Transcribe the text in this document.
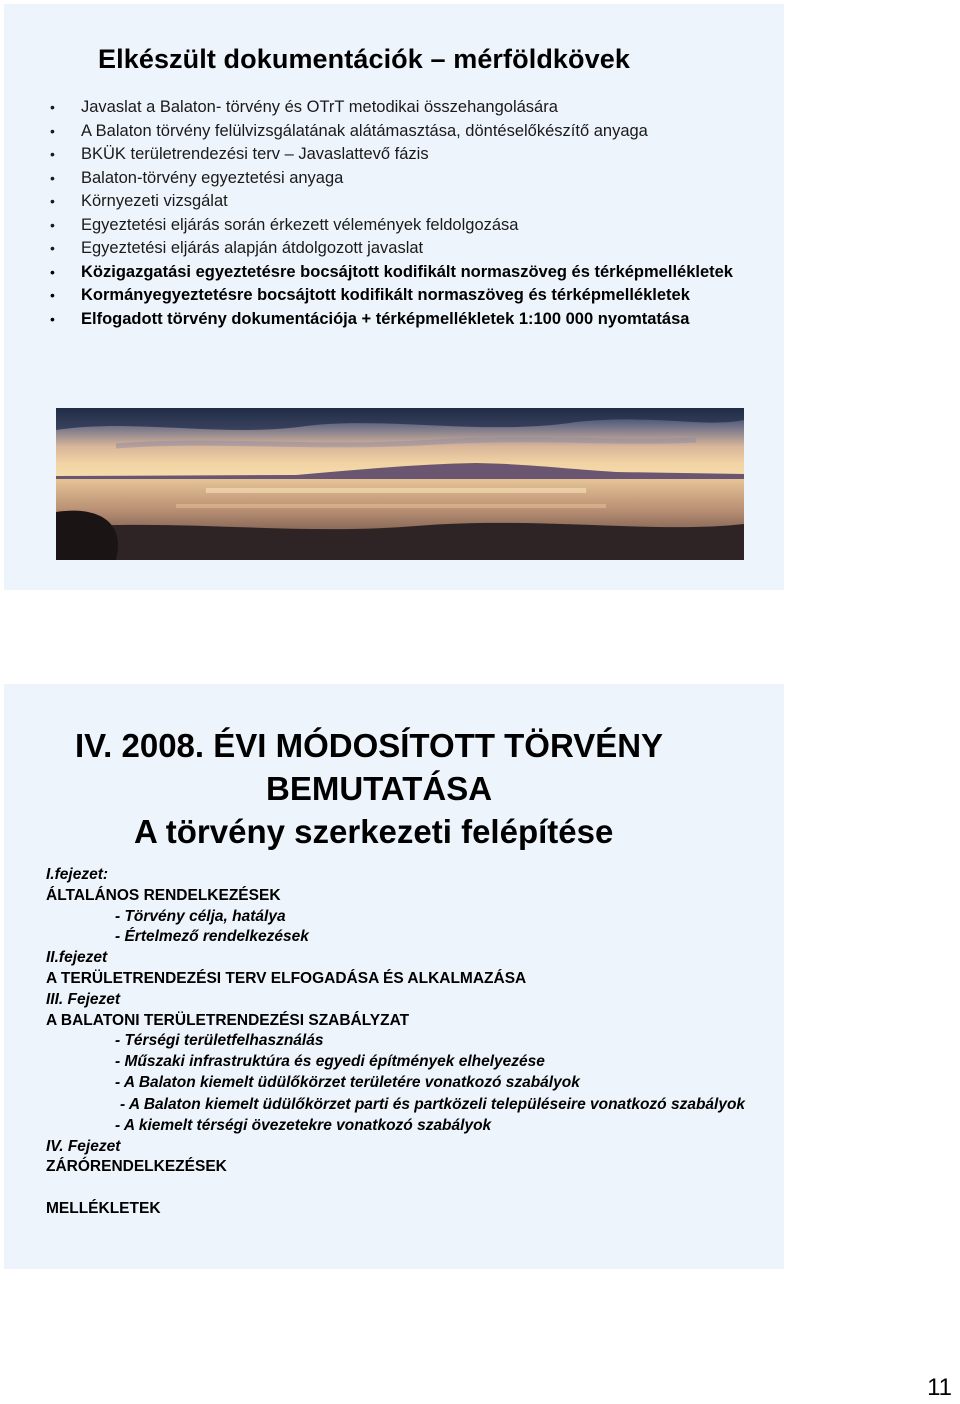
Elkészült dokumentációk – mérföldkövek
• Javaslat a Balaton- törvény és OTrT metodikai összehangolására
• A Balaton törvény felülvizsgálatának alátámasztása, döntéselőkészítő anyaga
• BKÜK területrendezési terv – Javaslattevő fázis
• Balaton-törvény egyeztetési anyaga
• Környezeti vizsgálat
• Egyeztetési eljárás során érkezett vélemények feldolgozása
• Egyeztetési eljárás alapján átdolgozott javaslat
• Közigazgatási egyeztetésre bocsájtott kodifikált normaszöveg és térképmellékletek
• Kormányegyeztetésre bocsájtott kodifikált normaszöveg és térképmellékletek
• Elfogadott törvény dokumentációja + térképmellékletek 1:100 000 nyomtatása
IV. 2008. ÉVI MÓDOSÍTOTT TÖRVÉNY
BEMUTATÁSA
A törvény szerkezeti felépítése
I.fejezet:
ÁLTALÁNOS RENDELKEZÉSEK
- Törvény célja, hatálya
- Értelmező rendelkezések
II.fejezet
A TERÜLETRENDEZÉSI TERV ELFOGADÁSA ÉS ALKALMAZÁSA
III. Fejezet
A BALATONI TERÜLETRENDEZÉSI SZABÁLYZAT
- Térségi területfelhasználás
- Műszaki infrastruktúra és egyedi építmények elhelyezése
- A Balaton kiemelt üdülőkörzet területére vonatkozó szabályok
- A Balaton kiemelt üdülőkörzet parti és partközeli településeire vonatkozó szabályok
- A kiemelt térségi övezetekre vonatkozó szabályok
IV. Fejezet
ZÁRÓRENDELKEZÉSEK
MELLÉKLETEK
11
